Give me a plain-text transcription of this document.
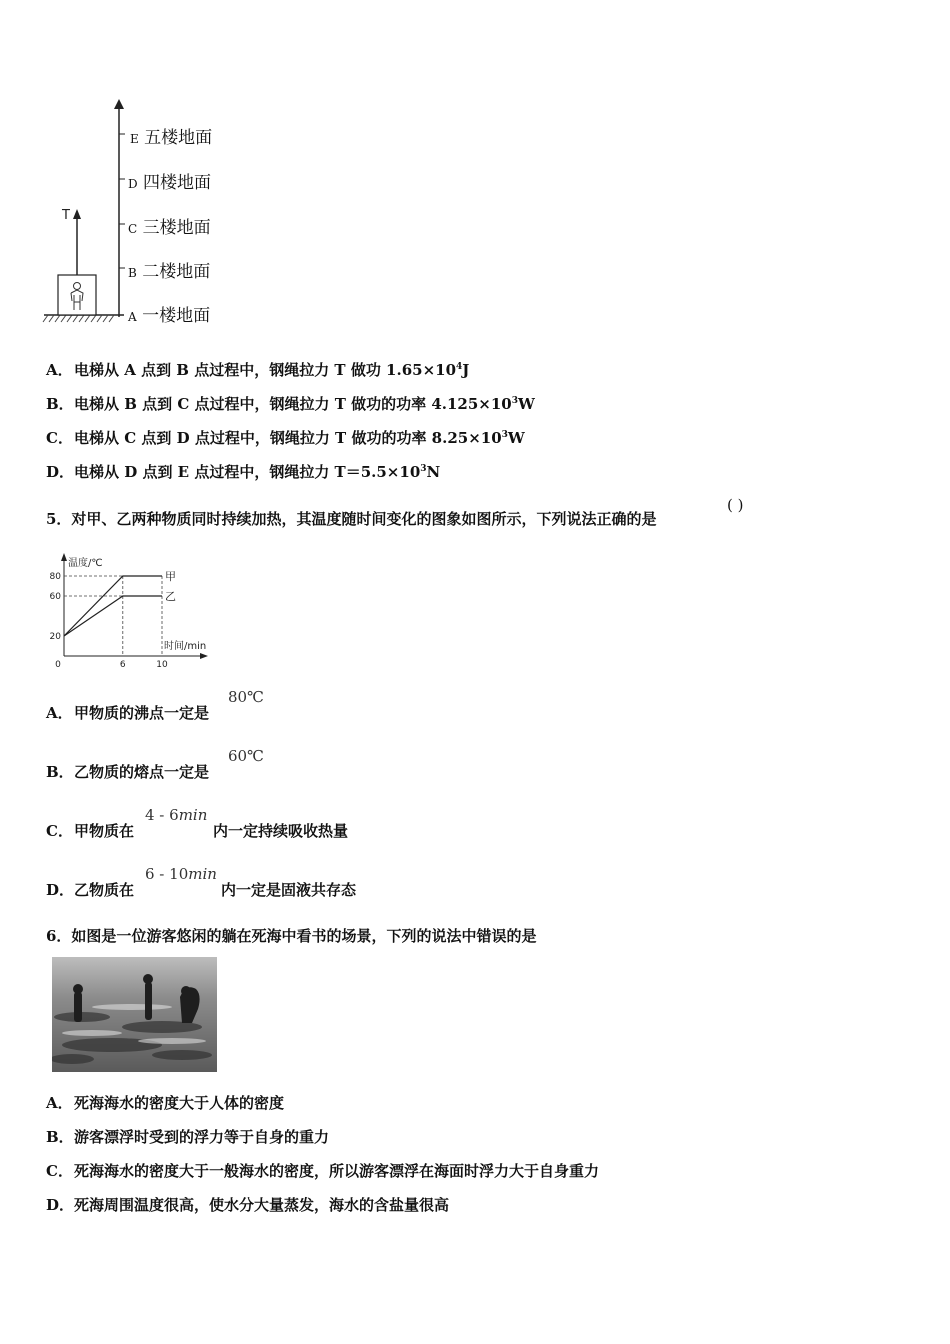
T
E 五楼地面
D 四楼地面
C 三楼地面
B 二楼地面
A 一楼地面
A．电梯从 A 点到 B 点过程中，钢绳拉力 T 做功 $1.65\times 10^4J$
B．电梯从 B 点到 C 点过程中，钢绳拉力 T 做功的功率 $4.125\times 10^3W$
C．电梯从 C 点到 D 点过程中，钢绳拉力 T 做功的功率 $8.25\times 10^3W$
D．电梯从 D 点到 E 点过程中，钢绳拉力 $T=5.5\times 10^3N$
5．对甲、乙两种物质同时持续加热，其温度随时间变化的图象如图所示，下列说法正确的是
( )
温度/℃
时间/min
20
60
80
0	6	10
甲
乙
A．甲物质的沸点一定是
80℃
B．乙物质的熔点一定是
60℃
C．甲物质在
4 - 6min
内一定持续吸收热量
D．乙物质在
6 - 10min
内一定是固液共存态
6．如图是一位游客悠闲的躺在死海中看书的场景，下列的说法中错误的是
A．死海海水的密度大于人体的密度
B．游客漂浮时受到的浮力等于自身的重力
C．死海海水的密度大于一般海水的密度，所以游客漂浮在海面时浮力大于自身重力
D．死海周围温度很高，使水分大量蒸发，海水的含盐量很高
